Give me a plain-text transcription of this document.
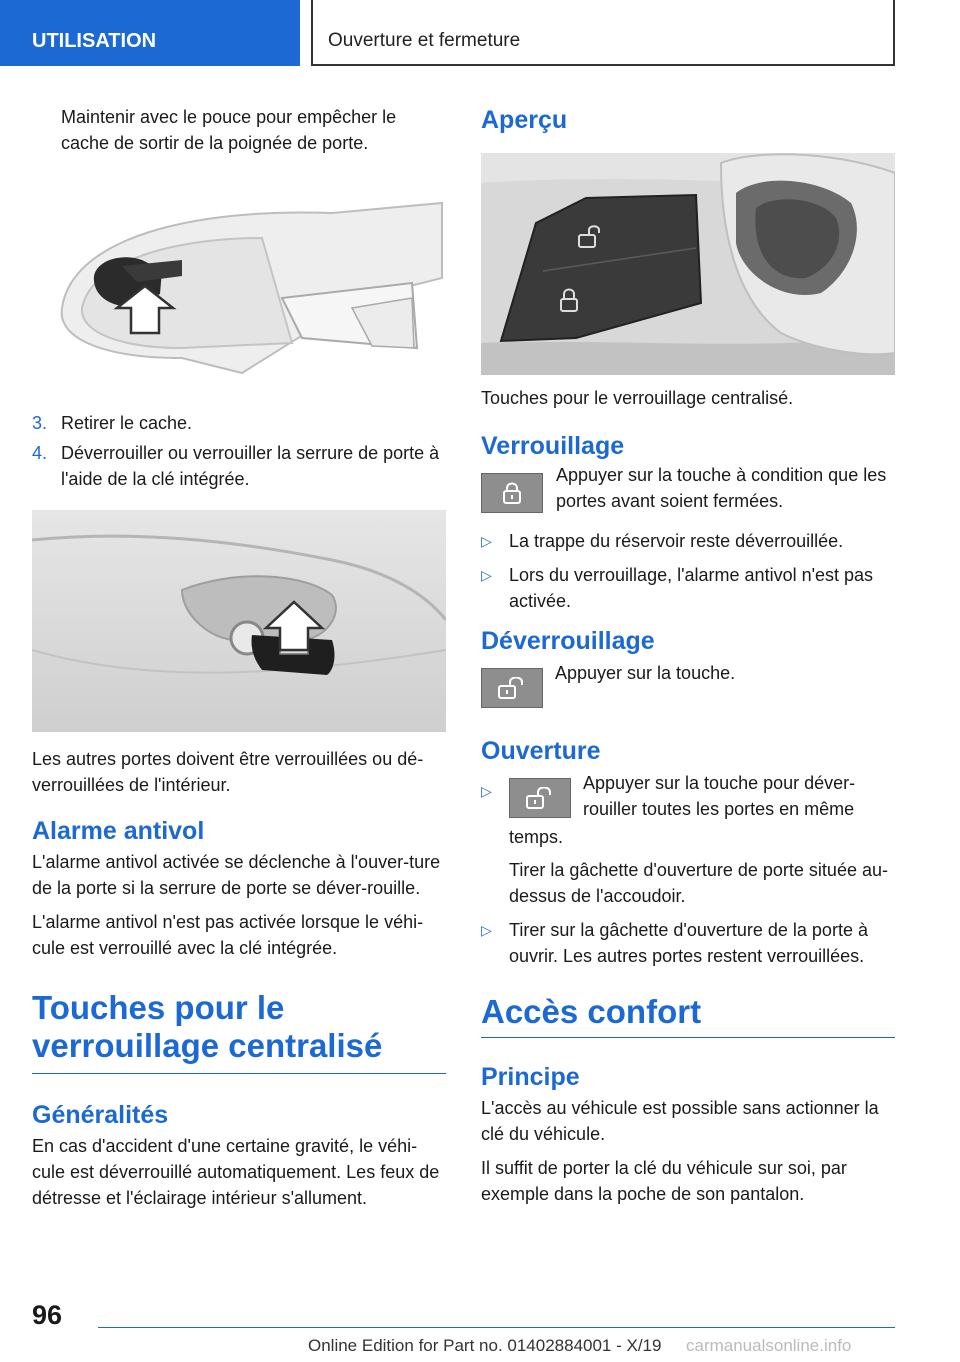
UTILISATION	Ouverture et fermeture

Maintenir avec le pouce pour empêcher le cache de sortir de la poignée de porte.

3. Retirer le cache.
4. Déverrouiller ou verrouiller la serrure de porte à l'aide de la clé intégrée.

Les autres portes doivent être verrouillées ou dé-verrouillées de l'intérieur.

Alarme antivol

L'alarme antivol activée se déclenche à l'ouver-ture de la porte si la serrure de porte se déver-rouille.

L'alarme antivol n'est pas activée lorsque le véhi-cule est verrouillé avec la clé intégrée.

Touches pour le
verrouillage centralisé
Généralités

En cas d'accident d'une certaine gravité, le véhi-cule est déverrouillé automatiquement. Les feux de détresse et l'éclairage intérieur s'allument.

Aperçu

Touches pour le verrouillage centralisé.

Verrouillage

Appuyer sur la touche à condition que les portes avant soient fermées.

▷ La trappe du réservoir reste déverrouillée.
▷ Lors du verrouillage, l'alarme antivol n'est pas activée.
Déverrouillage

Appuyer sur la touche.

Ouverture
▷	Appuyer sur la touche pour déver-rouiller toutes les portes en même

temps.

Tirer la gâchette d'ouverture de porte située au-dessus de l'accoudoir.

▷ Tirer sur la gâchette d'ouverture de la porte à ouvrir. Les autres portes restent verrouillées.
Accès confort
Principe

L'accès au véhicule est possible sans actionner la clé du véhicule.

Il suffit de porter la clé du véhicule sur soi, par exemple dans la poche de son pantalon.

96
Online Edition for Part no. 01402884001 - X/19 carmanualsonline.info
